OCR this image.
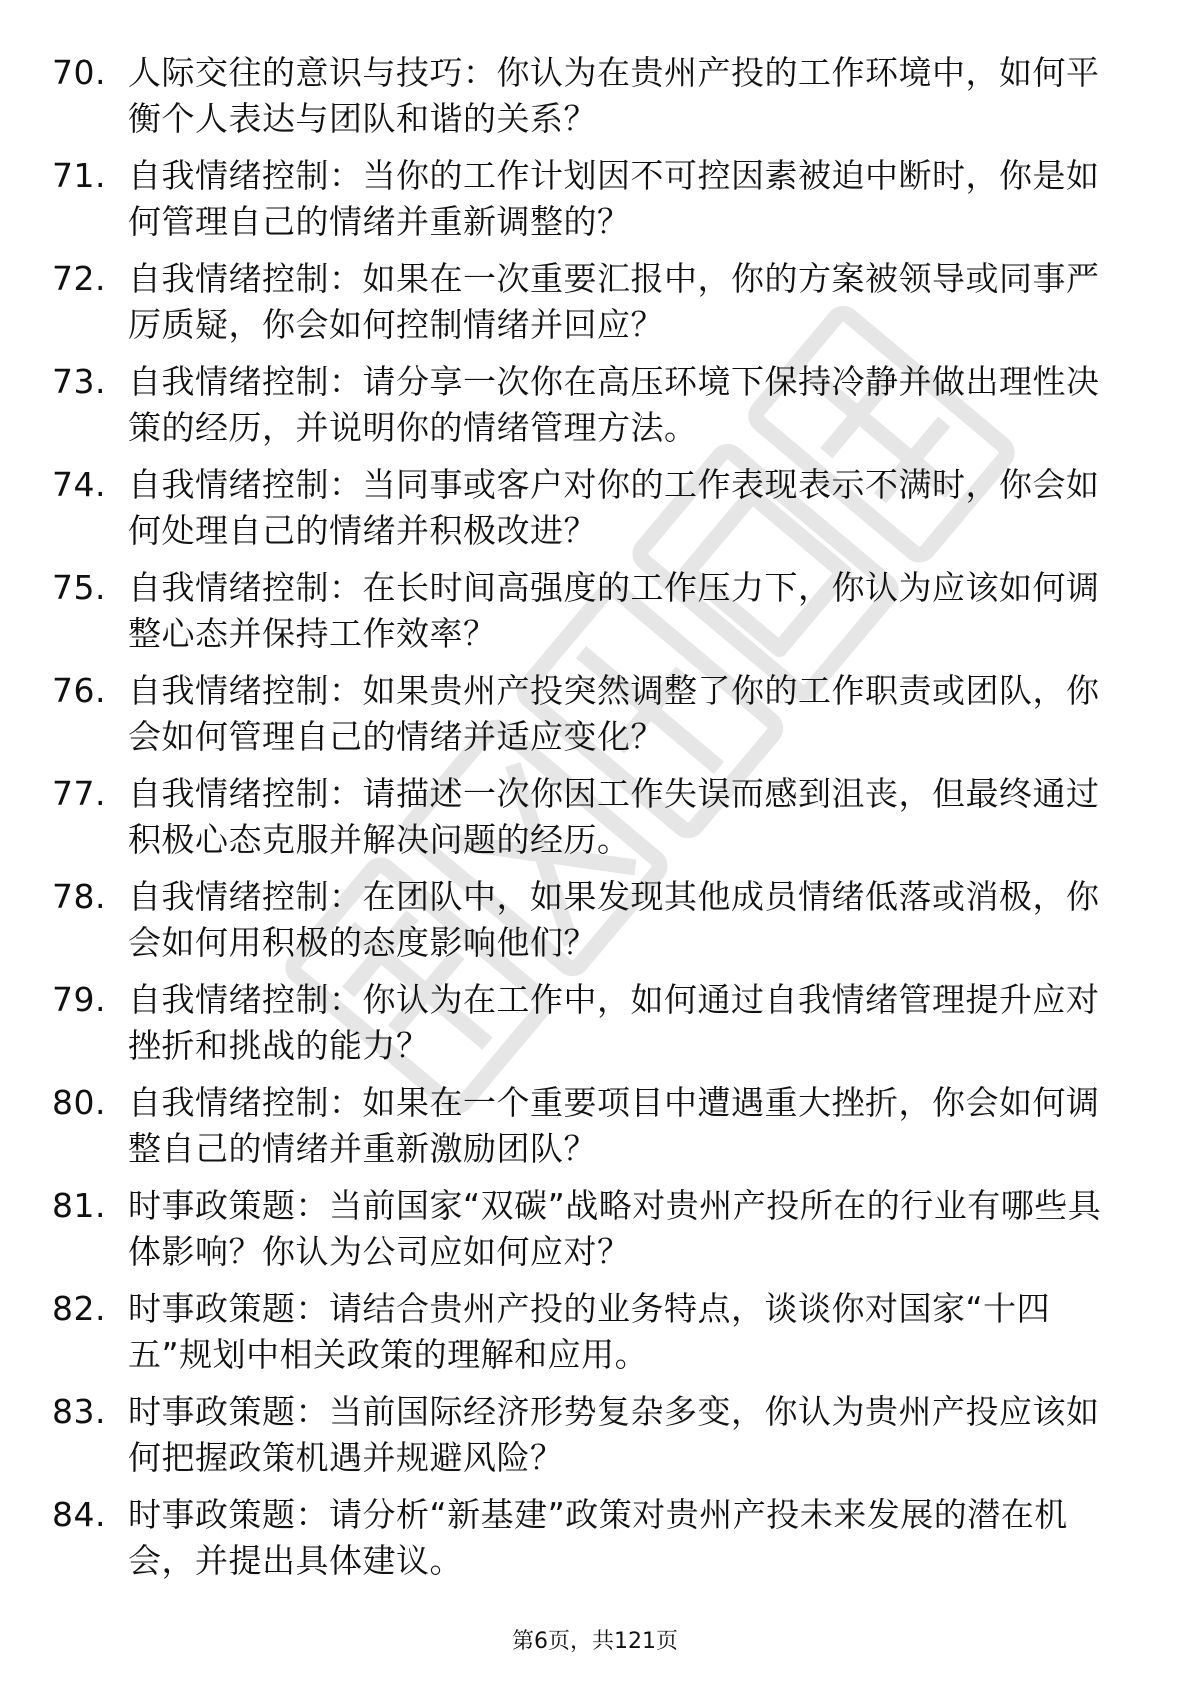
70. 人际交往的意识与技巧：你认为在贵州产投的工作环境中，如何平衡个人表达与团队和谐的关系？
71. 自我情绪控制：当你的工作计划因不可控因素被迫中断时，你是如何管理自己的情绪并重新调整的？
72. 自我情绪控制：如果在一次重要汇报中，你的方案被领导或同事严厉质疑，你会如何控制情绪并回应？
73. 自我情绪控制：请分享一次你在高压环境下保持冷静并做出理性决策的经历，并说明你的情绪管理方法。
74. 自我情绪控制：当同事或客户对你的工作表现表示不满时，你会如何处理自己的情绪并积极改进？
75. 自我情绪控制：在长时间高强度的工作压力下，你认为应该如何调整心态并保持工作效率？
76. 自我情绪控制：如果贵州产投突然调整了你的工作职责或团队，你会如何管理自己的情绪并适应变化？
77. 自我情绪控制：请描述一次你因工作失误而感到沮丧，但最终通过积极心态克服并解决问题的经历。
78. 自我情绪控制：在团队中，如果发现其他成员情绪低落或消极，你会如何用积极的态度影响他们？
79. 自我情绪控制：你认为在工作中，如何通过自我情绪管理提升应对挫折和挑战的能力？
80. 自我情绪控制：如果在一个重要项目中遭遇重大挫折，你会如何调整自己的情绪并重新激励团队？
81. 时事政策题：当前国家“双碳”战略对贵州产投所在的行业有哪些具体影响？你认为公司应如何应对？
82. 时事政策题：请结合贵州产投的业务特点，谈谈你对国家“十四五”规划中相关政策的理解和应用。
83. 时事政策题：当前国际经济形势复杂多变，你认为贵州产投应该如何把握政策机遇并规避风险？
84. 时事政策题：请分析“新基建”政策对贵州产投未来发展的潜在机会，并提出具体建议。
第6页，共121页
